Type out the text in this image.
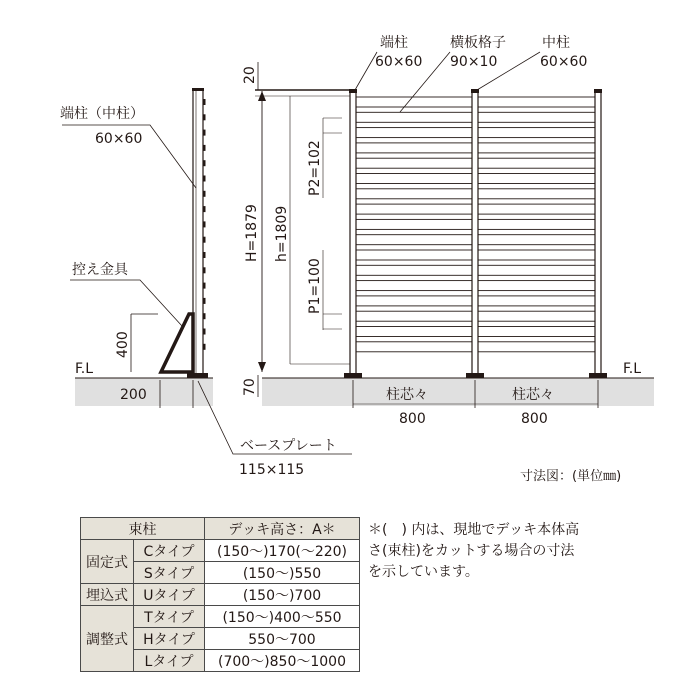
端柱（中柱）
60×60
控え金具
400
F.L
200
ベースプレート
115×115
端柱
60×60
横板格子
90×10
中柱
60×60
20
H=1879 h=1809
P2=102
P1=100
70
F.L
柱芯々
800
柱芯々
800
寸法図：(単位㎜)
束柱		デッキ高さ：A＊
固定式	Cタイプ	(150〜)170(〜220)
	Sタイプ	(150〜)550
埋込式	Uタイプ	(150〜)700
調整式	Tタイプ	(150〜)400〜550
	Hタイプ	550〜700
	Lタイプ	(700〜)850〜1000
＊(　) 内は、現地でデッキ本体高
さ(束柱)をカットする場合の寸法
を示しています。
